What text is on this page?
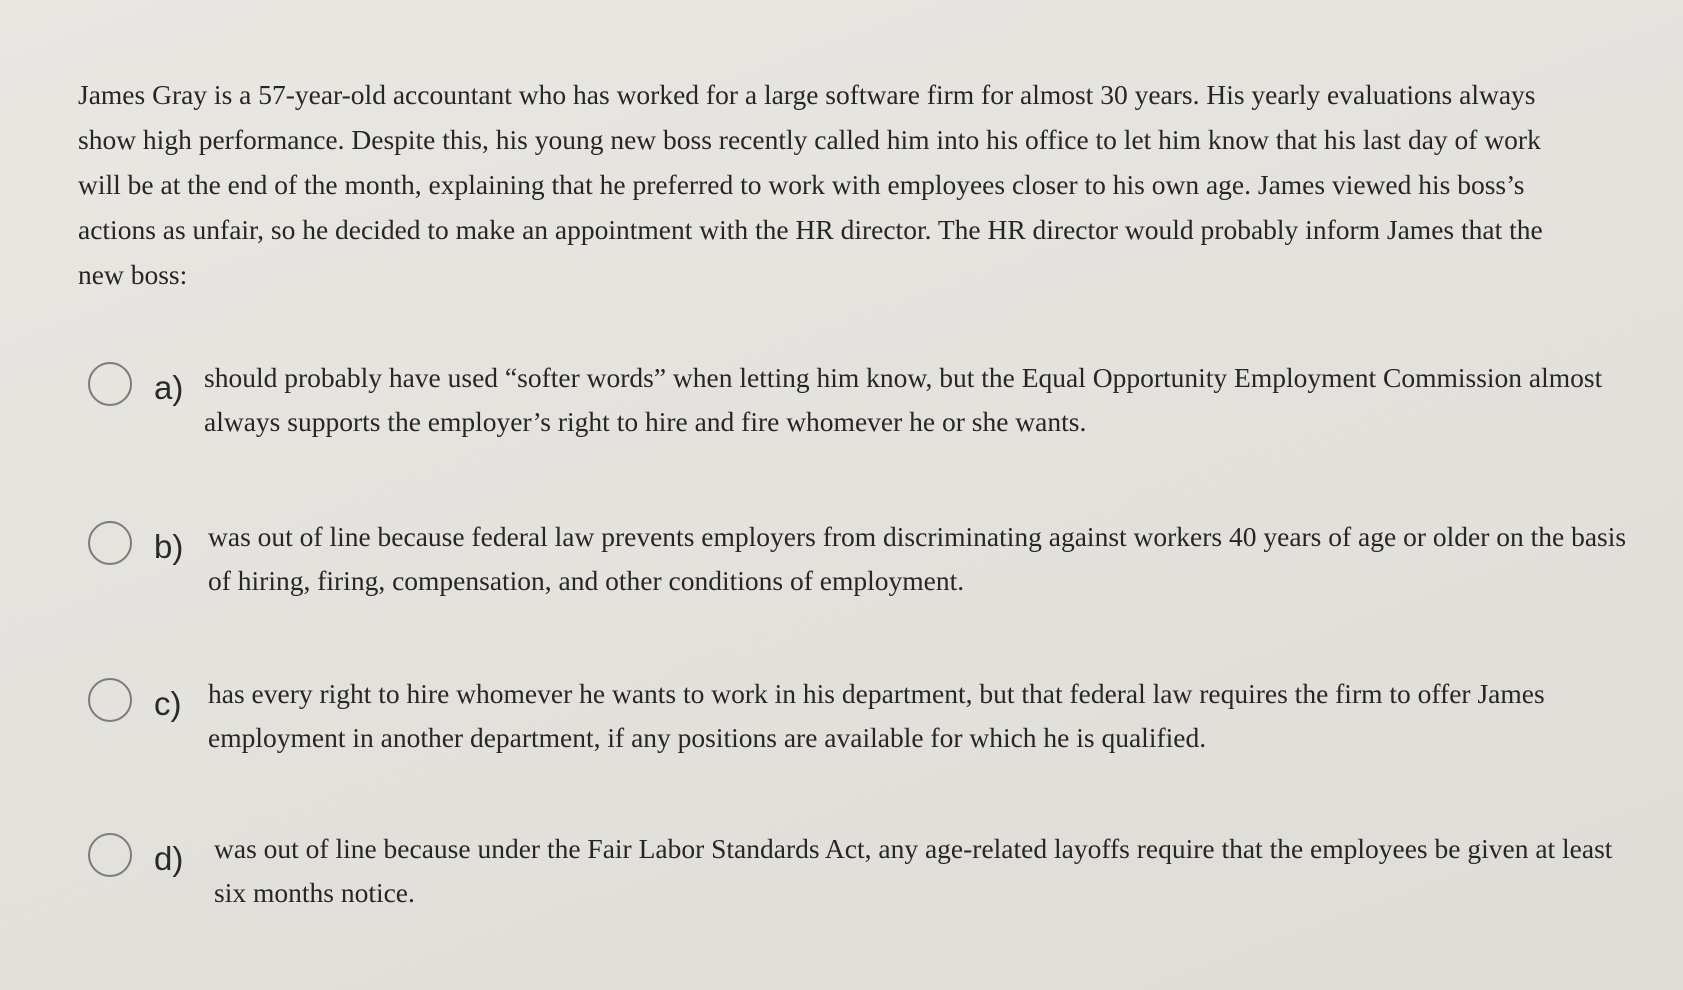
James Gray is a 57-year-old accountant who has worked for a large software firm for almost 30 years. His yearly evaluations always show high performance. Despite this, his young new boss recently called him into his office to let him know that his last day of work will be at the end of the month, explaining that he preferred to work with employees closer to his own age. James viewed his boss’s actions as unfair, so he decided to make an appointment with the HR director. The HR director would probably inform James that the new boss:

a) should probably have used “softer words” when letting him know, but the Equal Opportunity Employment Commission almost always supports the employer’s right to hire and fire whomever he or she wants.

b) was out of line because federal law prevents employers from discriminating against workers 40 years of age or older on the basis of hiring, firing, compensation, and other conditions of employment.

c) has every right to hire whomever he wants to work in his department, but that federal law requires the firm to offer James employment in another department, if any positions are available for which he is qualified.

d) was out of line because under the Fair Labor Standards Act, any age-related layoffs require that the employees be given at least six months notice.
